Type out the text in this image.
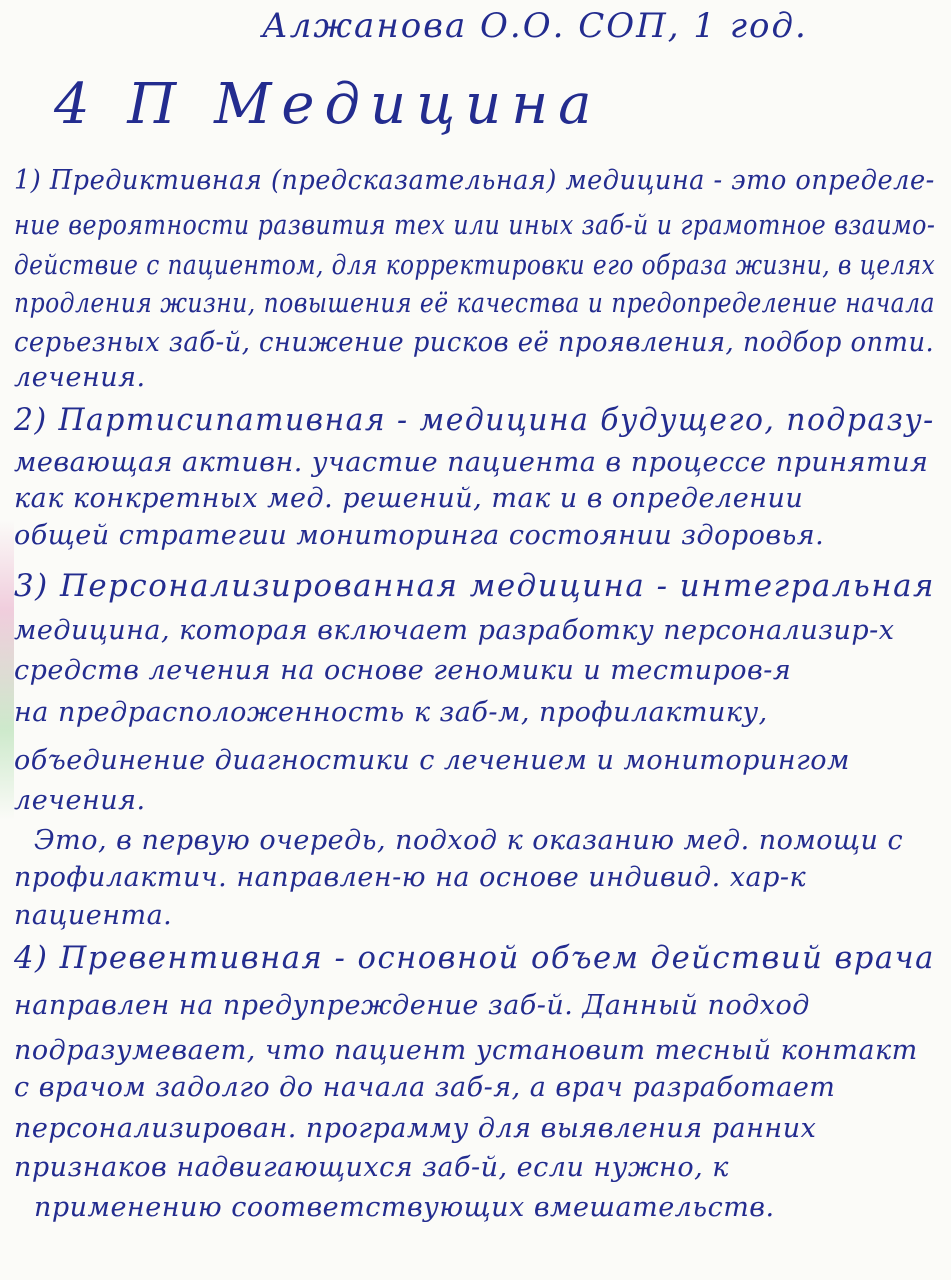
Алжанова О.О. СОП, 1 год.
4 П Медицина
1) Предиктивная (предсказательная) медицина - это определе-
ние вероятности развития тех или иных заб-й и грамотное взаимо-
действие с пациентом, для корректировки его образа жизни, в целях
продления жизни, повышения её качества и предопределение начала
серьезных заб-й, снижение рисков её проявления, подбор опти.
лечения.
2) Партисипативная - медицина будущего, подразу-
мевающая активн. участие пациента в процессе принятия
как конкретных мед. решений, так и в определении
общей стратегии мониторинга состоянии здоровья.
3) Персонализированная медицина - интегральная
медицина, которая включает разработку персонализир-х
средств лечения на основе геномики и тестиров-я
на предрасположенность к заб-м, профилактику,
объединение диагностики с лечением и мониторингом
лечения.
Это, в первую очередь, подход к оказанию мед. помощи с
профилактич. направлен-ю на основе индивид. хар-к
пациента.
4) Превентивная - основной объем действий врача
направлен на предупреждение заб-й. Данный подход
подразумевает, что пациент установит тесный контакт
с врачом задолго до начала заб-я, а врач разработает
персонализирован. программу для выявления ранних
признаков надвигающихся заб-й, если нужно, к
применению соответствующих вмешательств.
